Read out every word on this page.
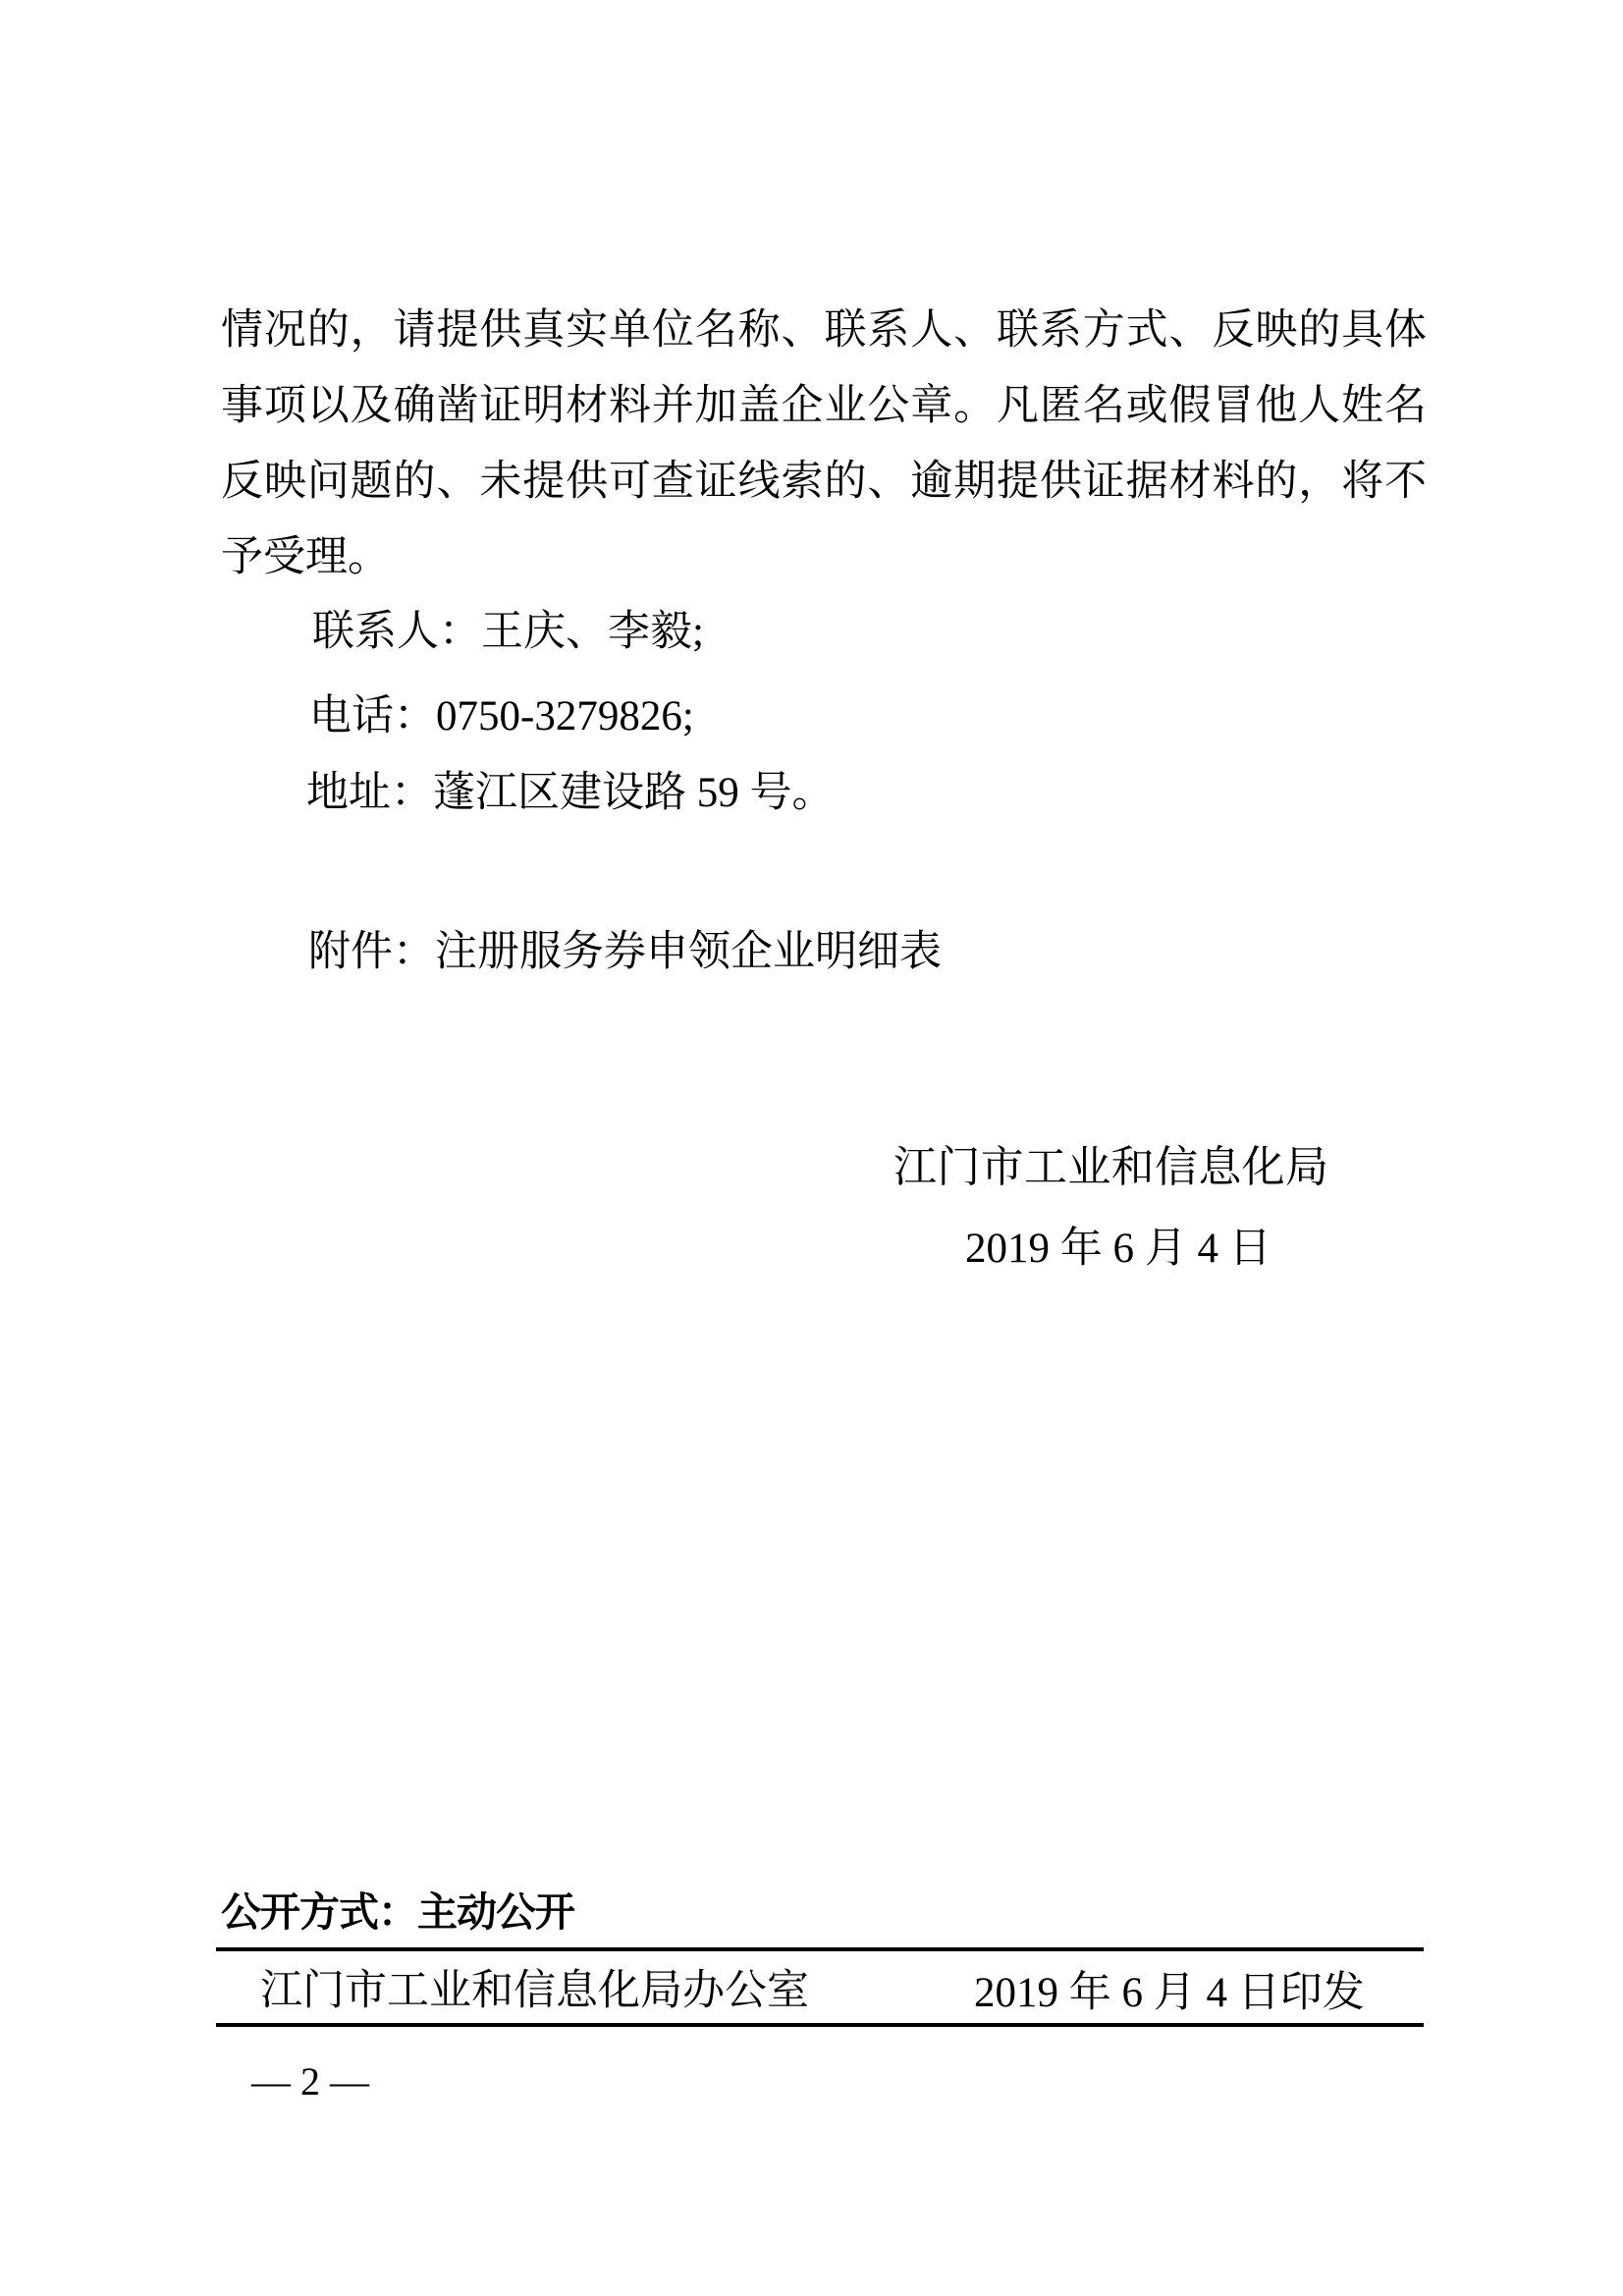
情况的，请提供真实单位名称、联系人、联系方式、反映的具体
事项以及确凿证明材料并加盖企业公章。凡匿名或假冒他人姓名
反映问题的、未提供可查证线索的、逾期提供证据材料的，将不
予受理。
联系人：王庆、李毅;
电话：0750-3279826;
地址：蓬江区建设路 59 号。
附件：注册服务券申领企业明细表
江门市工业和信息化局
2019 年 6 月 4 日
公开方式：主动公开
江门市工业和信息化局办公室	2019 年 6 月 4 日印发
— 2 —
